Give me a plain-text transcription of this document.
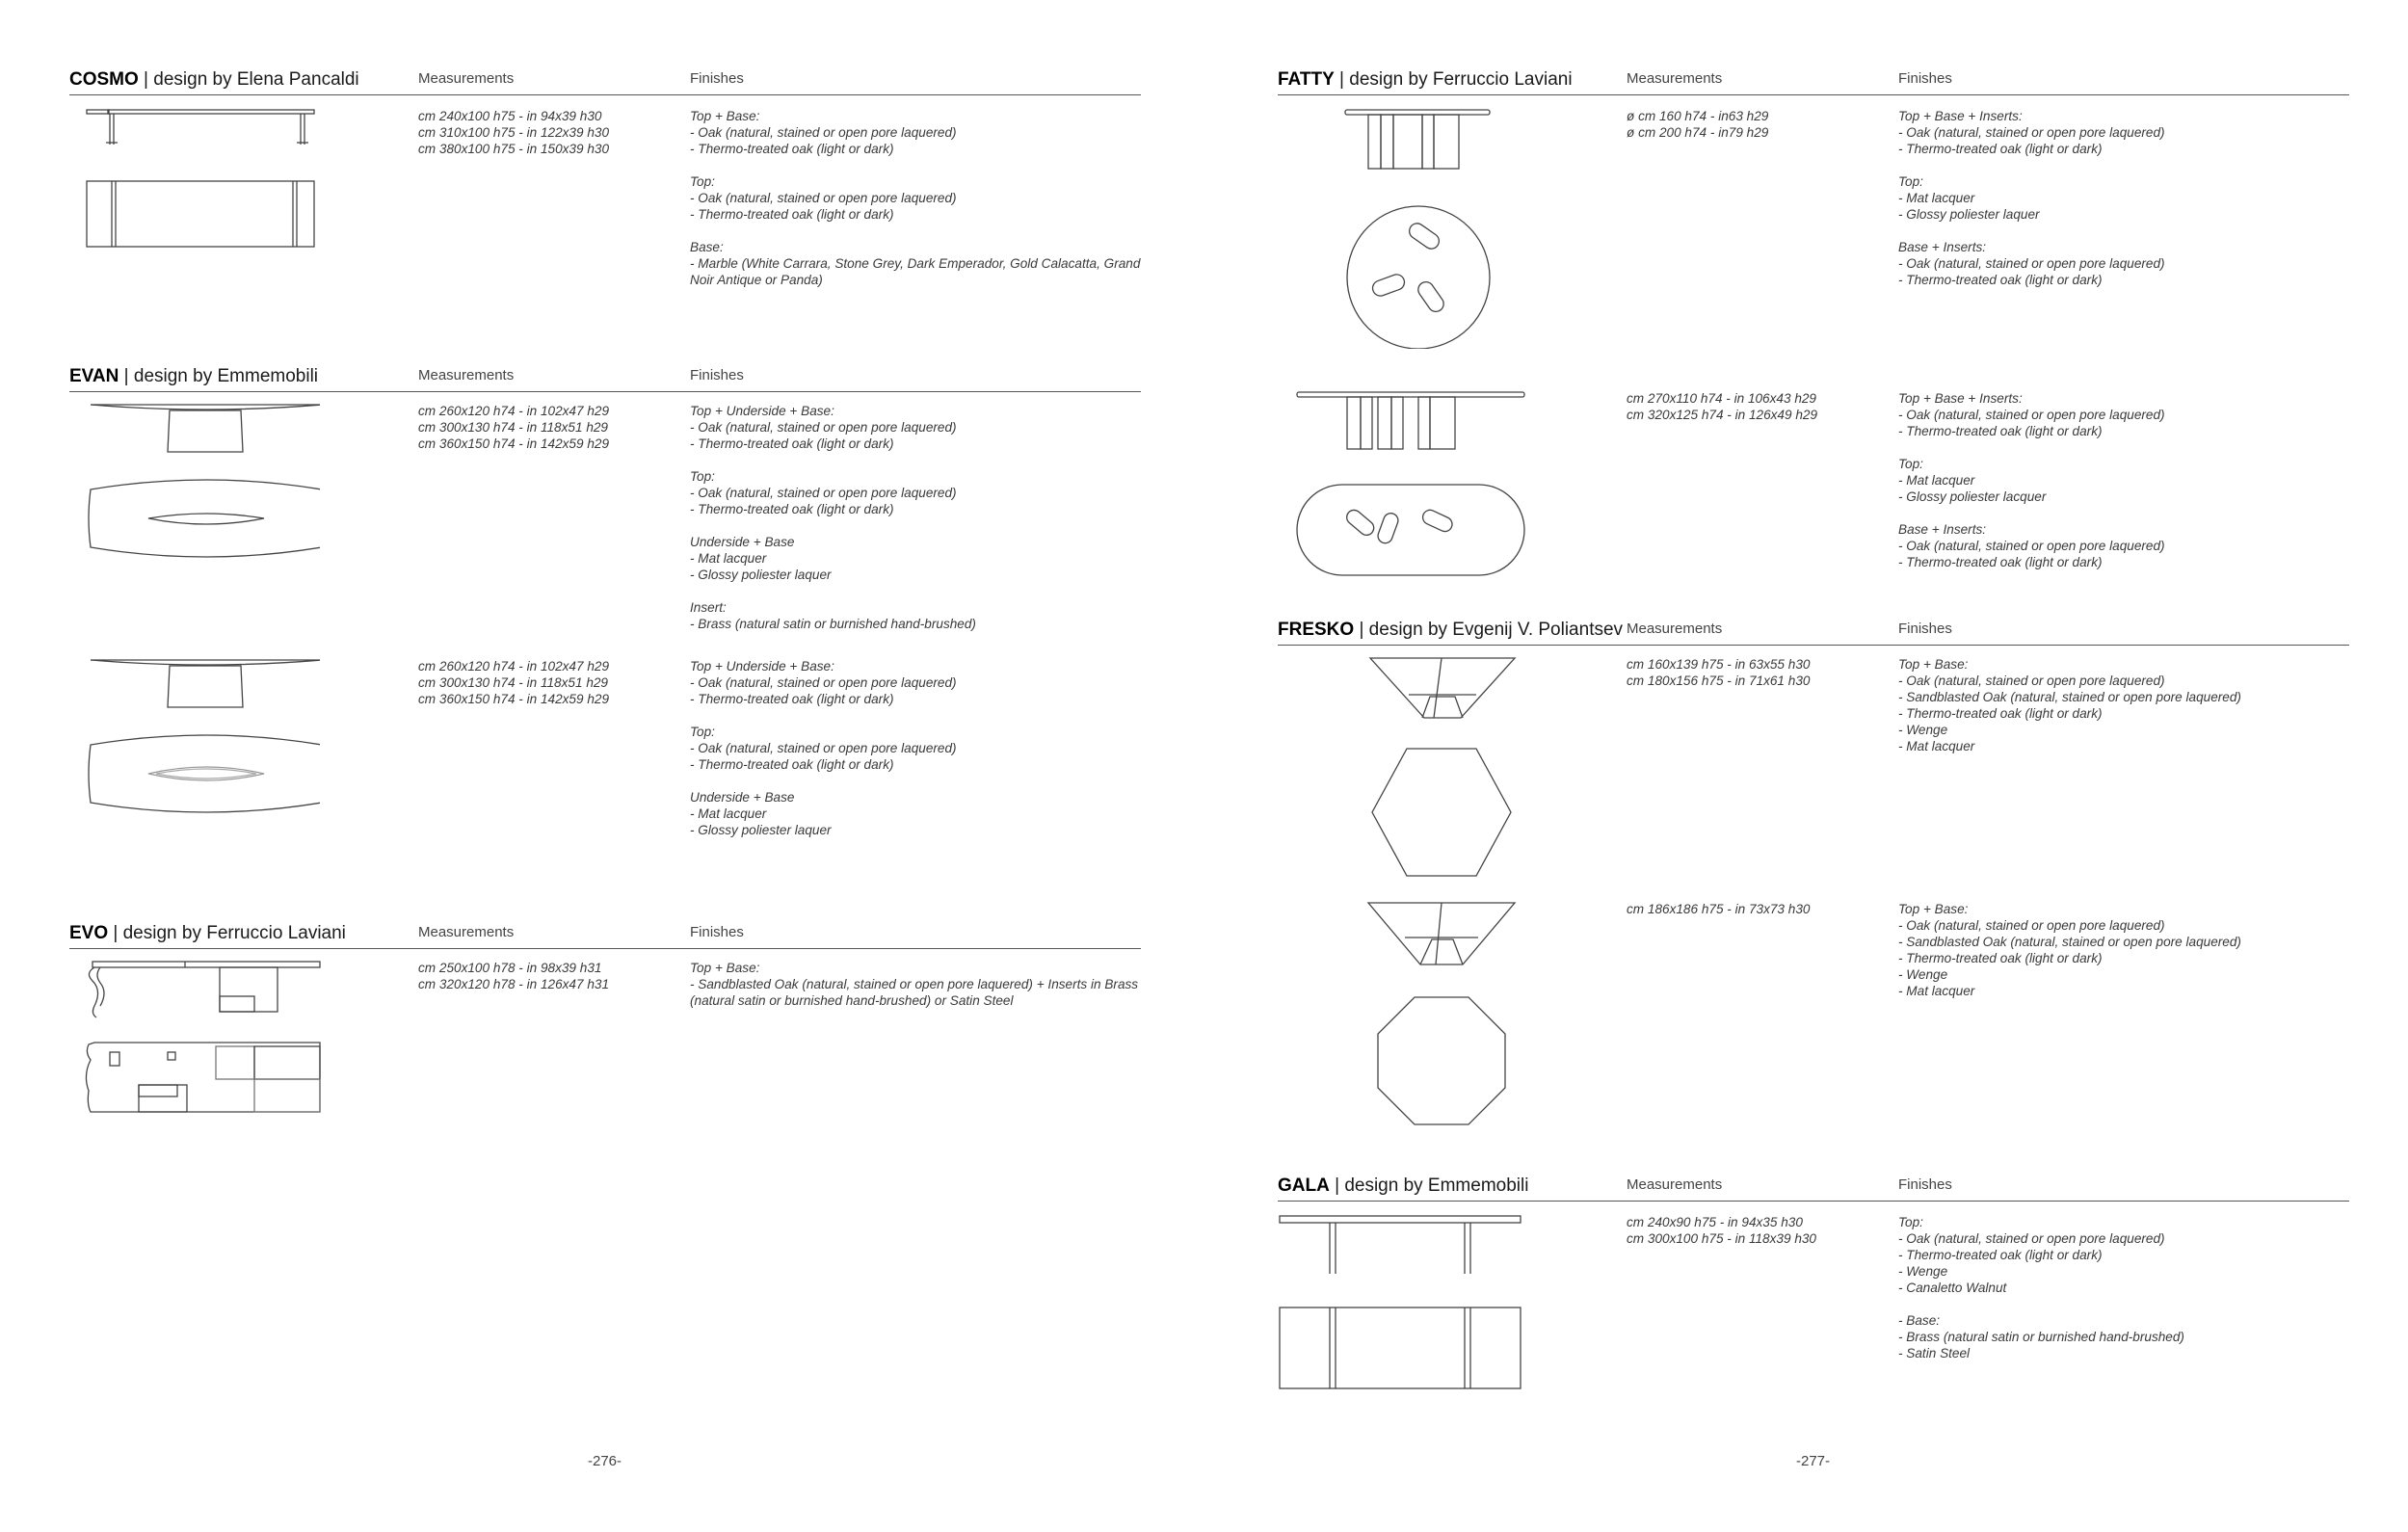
COSMO | design by Elena Pancaldi	Measurements	Finishes
cm 240x100 h75 - in 94x39 h30
cm 310x100 h75 - in 122x39 h30
cm 380x100 h75 - in 150x39 h30
Top + Base:
- Oak (natural, stained or open pore laquered)
- Thermo-treated oak (light or dark)
Top:
- Oak (natural, stained or open pore laquered)
- Thermo-treated oak (light or dark)
Base:
- Marble (White Carrara, Stone Grey, Dark Emperador, Gold Calacatta, Grand Noir Antique or Panda)
EVAN | design by Emmemobili	Measurements	Finishes
cm 260x120 h74 - in 102x47 h29
cm 300x130 h74 - in 118x51 h29
cm 360x150 h74 - in 142x59 h29
Top + Underside + Base:
- Oak (natural, stained or open pore laquered)
- Thermo-treated oak (light or dark)
Top:
- Oak (natural, stained or open pore laquered)
- Thermo-treated oak (light or dark)
Underside + Base
- Mat lacquer
- Glossy poliester laquer
Insert:
- Brass (natural satin or burnished hand-brushed)
cm 260x120 h74 - in 102x47 h29
cm 300x130 h74 - in 118x51 h29
cm 360x150 h74 - in 142x59 h29
Top + Underside + Base:
- Oak (natural, stained or open pore laquered)
- Thermo-treated oak (light or dark)
Top:
- Oak (natural, stained or open pore laquered)
- Thermo-treated oak (light or dark)
Underside + Base
- Mat lacquer
- Glossy poliester laquer
EVO | design by Ferruccio Laviani	Measurements	Finishes
cm 250x100 h78 - in 98x39 h31
cm 320x120 h78 - in 126x47 h31
Top + Base:
- Sandblasted Oak (natural, stained or open pore laquered) + Inserts in Brass (natural satin or burnished hand-brushed) or Satin Steel
-276-
FATTY | design by Ferruccio Laviani	Measurements	Finishes
ø cm 160 h74 - in63 h29
ø cm 200 h74 - in79 h29
Top + Base + Inserts:
- Oak (natural, stained or open pore laquered)
- Thermo-treated oak (light or dark)
Top:
- Mat lacquer
- Glossy poliester laquer
Base + Inserts:
- Oak (natural, stained or open pore laquered)
- Thermo-treated oak (light or dark)
cm 270x110 h74 - in 106x43 h29
cm 320x125 h74 - in 126x49 h29
Top + Base + Inserts:
- Oak (natural, stained or open pore laquered)
- Thermo-treated oak (light or dark)
Top:
- Mat lacquer
- Glossy poliester lacquer
Base + Inserts:
- Oak (natural, stained or open pore laquered)
- Thermo-treated oak (light or dark)
FRESKO | design by Evgenij V. Poliantsev Measurements	Finishes
cm 160x139 h75 - in 63x55 h30
cm 180x156 h75 - in 71x61 h30
Top + Base:
- Oak (natural, stained or open pore laquered)
- Sandblasted Oak (natural, stained or open pore laquered)
- Thermo-treated oak (light or dark)
- Wenge
- Mat lacquer
cm 186x186 h75 - in 73x73 h30	Top + Base:
- Oak (natural, stained or open pore laquered)
- Sandblasted Oak (natural, stained or open pore laquered)
- Thermo-treated oak (light or dark)
- Wenge
- Mat lacquer
GALA | design by Emmemobili	Measurements	Finishes
cm 240x90 h75 - in 94x35 h30
cm 300x100 h75 - in 118x39 h30
Top:
- Oak (natural, stained or open pore laquered)
- Thermo-treated oak (light or dark)
- Wenge
- Canaletto Walnut
- Base:
- Brass (natural satin or burnished hand-brushed)
- Satin Steel
-277-
